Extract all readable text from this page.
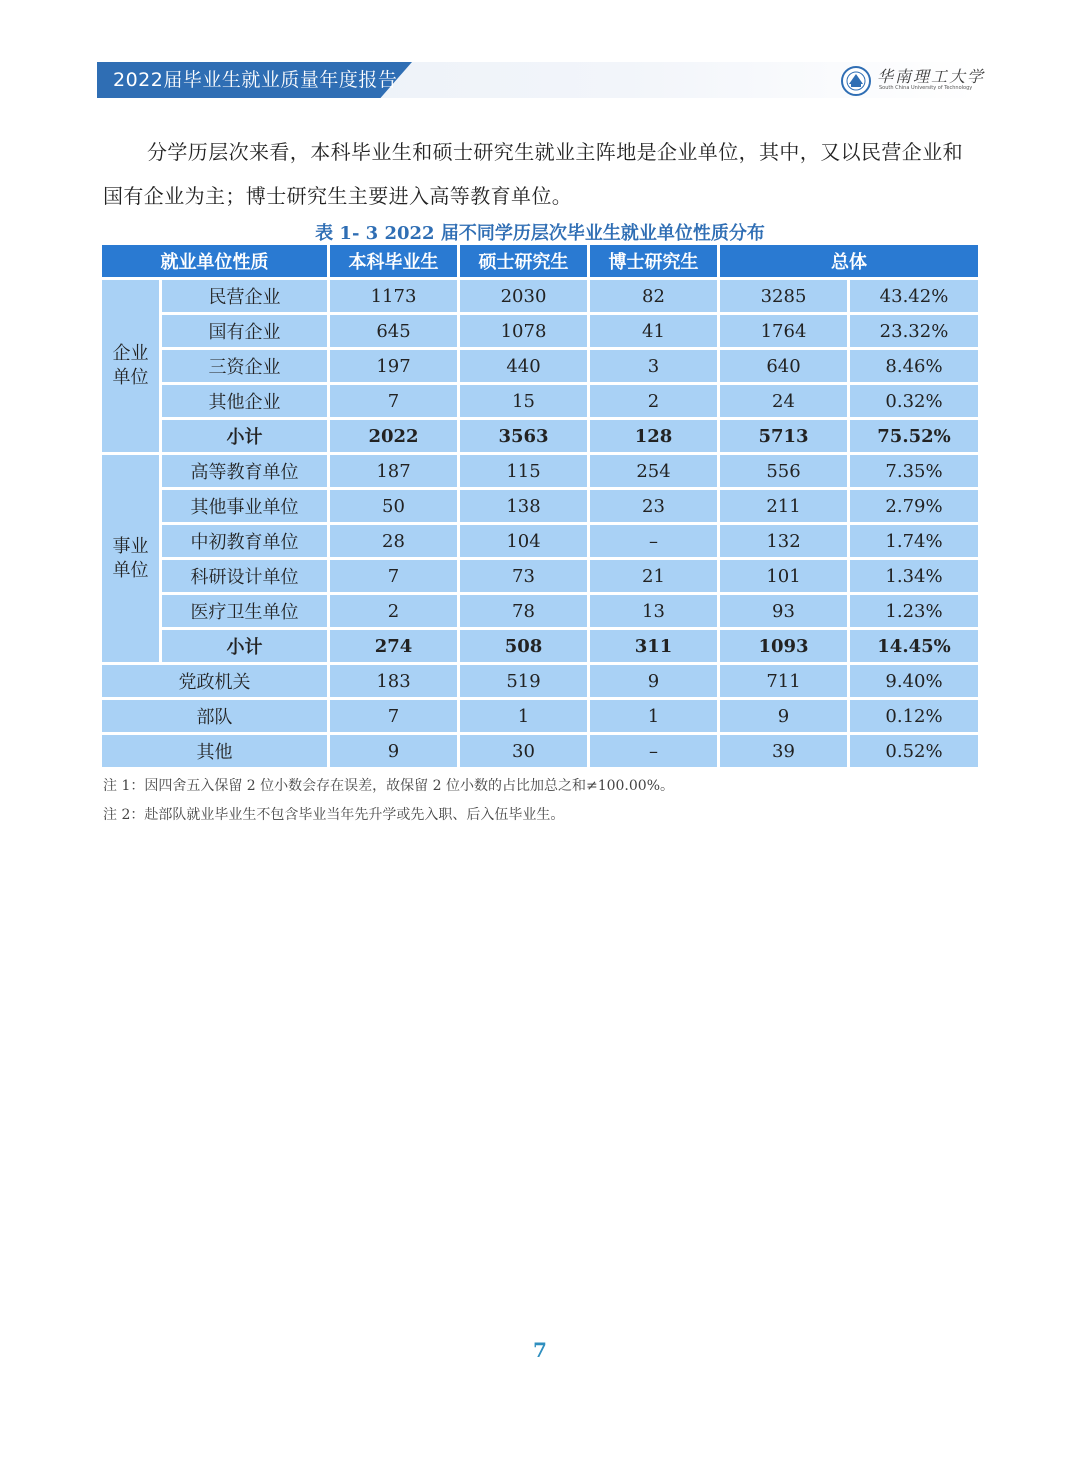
2022届毕业生就业质量年度报告	华南理工大学
South China University of Technology

分学历层次来看，本科毕业生和硕士研究生就业主阵地是企业单位，其中，又以民营企业和国有企业为主；博士研究生主要进入高等教育单位。

表 1- 3 2022 届不同学历层次毕业生就业单位性质分布
就业单位性质		本科毕业生	硕士研究生	博士研究生	总体	

企业
单位	民营企业	1173	2030	82	3285	43.42%
	国有企业	645	1078	41	1764	23.32%
	三资企业	197	440	3	640	8.46%
	其他企业	7	15	2	24	0.32%
	小计	2022	3563	128	5713	75.52%

事业
单位	高等教育单位	187	115	254	556	7.35%
	其他事业单位	50	138	23	211	2.79%
	中初教育单位	28	104	–	132	1.74%
	科研设计单位	7	73	21	101	1.34%
	医疗卫生单位	2	78	13	93	1.23%
	小计	274	508	311	1093	14.45%
党政机关		183	519	9	711	9.40%
部队		7	1	1	9	0.12%
其他		9	30	–	39	0.52%
注 1：因四舍五入保留 2 位小数会存在误差，故保留 2 位小数的占比加总之和≠100.00%。
注 2：赴部队就业毕业生不包含毕业当年先升学或先入职、后入伍毕业生。
7
